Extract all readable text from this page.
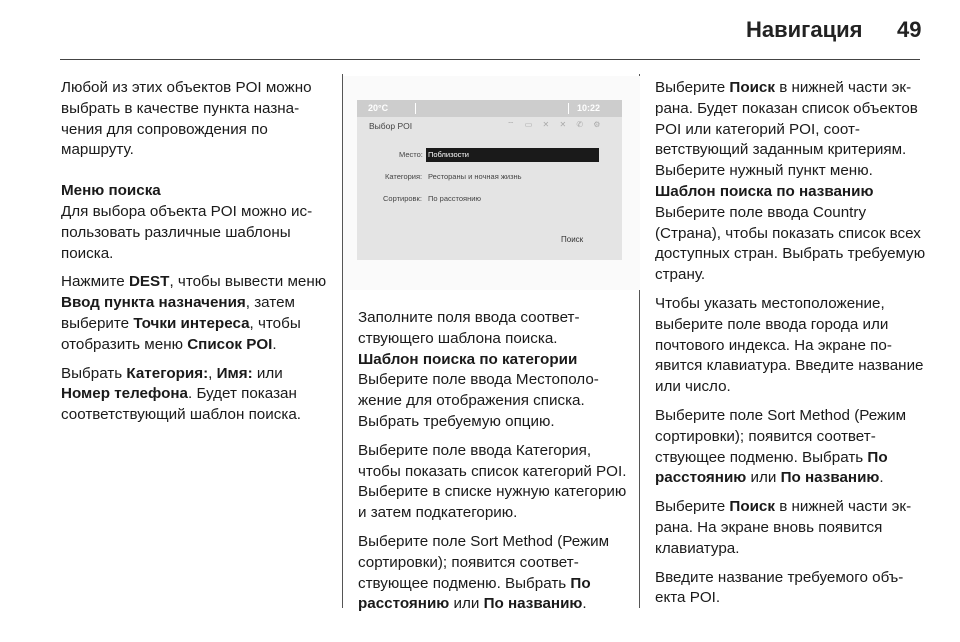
Навигация 49

Любой из этих объектов POI можно выбрать в качестве пункта назначения для сопровождения по маршруту.

Меню поиска

Для выбора объекта POI можно использовать различные шаблоны поиска.

Нажмите DEST, чтобы вывести меню Ввод пункта назначения, затем выберите Точки интереса, чтобы отобразить меню Список POI.

Выбрать Категория:, Имя: или Номер телефона. Будет показан соответствующий шаблон поиска.

20°C	10:22
Выбор POI	⌔ ▭ ✕ ✕ ✆ ⚙
Место: Поблизости
Категория: Рестораны и ночная жизнь
Сортировк: По расстоянию
Поиск

Заполните поля ввода соответствующего шаблона поиска.

Шаблон поиска по категории

Выберите поле ввода Местоположение для отображения списка. Выбрать требуемую опцию.

Выберите поле ввода Категория, чтобы показать список категорий POI. Выберите в списке нужную категорию и затем подкатегорию.

Выберите поле Sort Method (Режим сортировки); появится соответствующее подменю. Выбрать По расстоянию или По названию.

Выберите Поиск в нижней части экрана. Будет показан список объектов POI или категорий POI, соответствующий заданным критериям. Выберите нужный пункт меню.

Шаблон поиска по названию

Выберите поле ввода Country (Страна), чтобы показать список всех доступных стран. Выбрать требуемую страну.

Чтобы указать местоположение, выберите поле ввода города или почтового индекса. На экране появится клавиатура. Введите название или число.

Выберите поле Sort Method (Режим сортировки); появится соответствующее подменю. Выбрать По расстоянию или По названию.

Выберите Поиск в нижней части экрана. На экране вновь появится клавиатура.

Введите название требуемого объекта POI.
